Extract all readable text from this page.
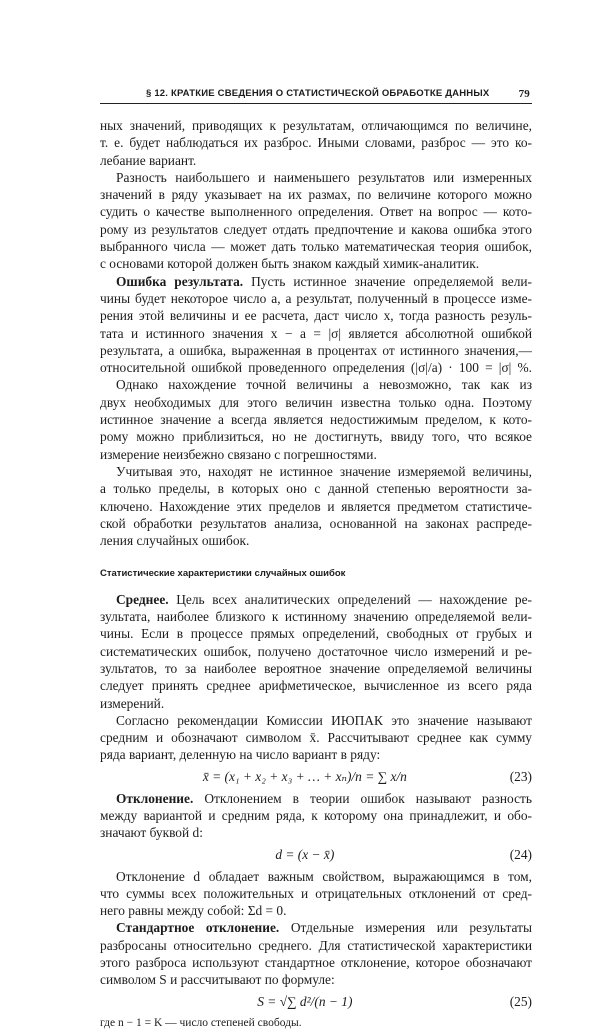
§ 12. КРАТКИЕ СВЕДЕНИЯ О СТАТИСТИЧЕСКОЙ ОБРАБОТКЕ ДАННЫХ	79
ных значений, приводящих к результатам, отличающимся по величине,
т. е. будет наблюдаться их разброс. Иными словами, разброс — это ко-
лебание вариант.
Разность наибольшего и наименьшего результатов или измеренных
значений в ряду указывает на их размах, по величине которого можно
судить о качестве выполненного определения. Ответ на вопрос — кото-
рому из результатов следует отдать предпочтение и какова ошибка этого
выбранного числа — может дать только математическая теория ошибок,
с основами которой должен быть знаком каждый химик-аналитик.
Ошибка результата. Пусть истинное значение определяемой вели-
чины будет некоторое число a, а результат, полученный в процессе изме-
рения этой величины и ее расчета, даст число x, тогда разность резуль-
тата и истинного значения x − a = |σ| является абсолютной ошибкой
результата, а ошибка, выраженная в процентах от истинного значения,—
относительной ошибкой проведенного определения (|σ|/a) · 100 = |σ| %.
Однако нахождение точной величины a невозможно, так как из
двух необходимых для этого величин известна только одна. Поэтому
истинное значение a всегда является недостижимым пределом, к кото-
рому можно приблизиться, но не достигнуть, ввиду того, что всякое
измерение неизбежно связано с погрешностями.
Учитывая это, находят не истинное значение измеряемой величины,
а только пределы, в которых оно с данной степенью вероятности за-
ключено. Нахождение этих пределов и является предметом статистиче-
ской обработки результатов анализа, основанной на законах распреде-
ления случайных ошибок.
Статистические характеристики случайных ошибок
Среднее. Цель всех аналитических определений — нахождение ре-
зультата, наиболее близкого к истинному значению определяемой вели-
чины. Если в процессе прямых определений, свободных от грубых и
систематических ошибок, получено достаточное число измерений и ре-
зультатов, то за наиболее вероятное значение определяемой величины
следует принять среднее арифметическое, вычисленное из всего ряда
измерений.
Согласно рекомендации Комиссии ИЮПАК это значение называют
средним и обозначают символом x̄. Рассчитывают среднее как сумму
ряда вариант, деленную на число вариант в ряду:
x̄ = (x₁ + x₂ + x₃ + … + xₙ)/n = ∑ x/n	(23)
Отклонение. Отклонением в теории ошибок называют разность
между вариантой и средним ряда, к которому она принадлежит, и обо-
значают буквой d:
d = (x − x̄)	(24)
Отклонение d обладает важным свойством, выражающимся в том,
что суммы всех положительных и отрицательных отклонений от сред-
него равны между собой: Σd = 0.
Стандартное отклонение. Отдельные измерения или результаты
разбросаны относительно среднего. Для статистической характеристики
этого разброса используют стандартное отклонение, которое обозначают
символом S и рассчитывают по формуле:
S = √∑ d²/(n − 1)	(25)
где n − 1 = K — число степеней свободы.
